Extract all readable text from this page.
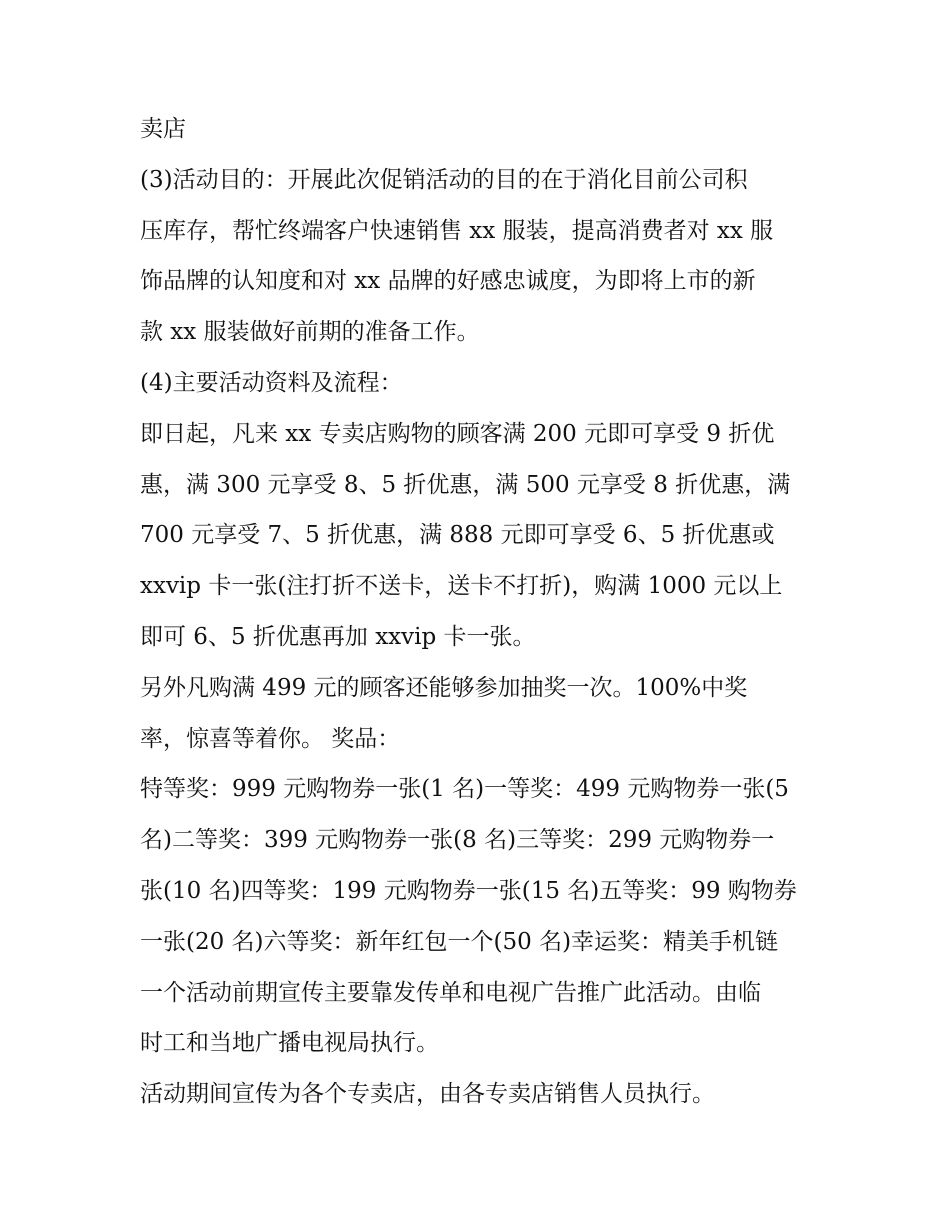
卖店
(3)活动目的：开展此次促销活动的目的在于消化目前公司积
压库存，帮忙终端客户快速销售 xx 服装，提高消费者对 xx 服
饰品牌的认知度和对 xx 品牌的好感忠诚度，为即将上市的新
款 xx 服装做好前期的准备工作。
(4)主要活动资料及流程：
即日起，凡来 xx 专卖店购物的顾客满 200 元即可享受 9 折优
惠，满 300 元享受 8、5 折优惠，满 500 元享受 8 折优惠，满
700 元享受 7、5 折优惠，满 888 元即可享受 6、5 折优惠或
xxvip 卡一张(注打折不送卡，送卡不打折)，购满 1000 元以上
即可 6、5 折优惠再加 xxvip 卡一张。
另外凡购满 499 元的顾客还能够参加抽奖一次。100%中奖
率，惊喜等着你。 奖品：
特等奖：999 元购物券一张(1 名)一等奖：499 元购物券一张(5
名)二等奖：399 元购物券一张(8 名)三等奖：299 元购物券一
张(10 名)四等奖：199 元购物券一张(15 名)五等奖：99 购物券
一张(20 名)六等奖：新年红包一个(50 名)幸运奖：精美手机链
一个活动前期宣传主要靠发传单和电视广告推广此活动。由临
时工和当地广播电视局执行。
活动期间宣传为各个专卖店，由各专卖店销售人员执行。
